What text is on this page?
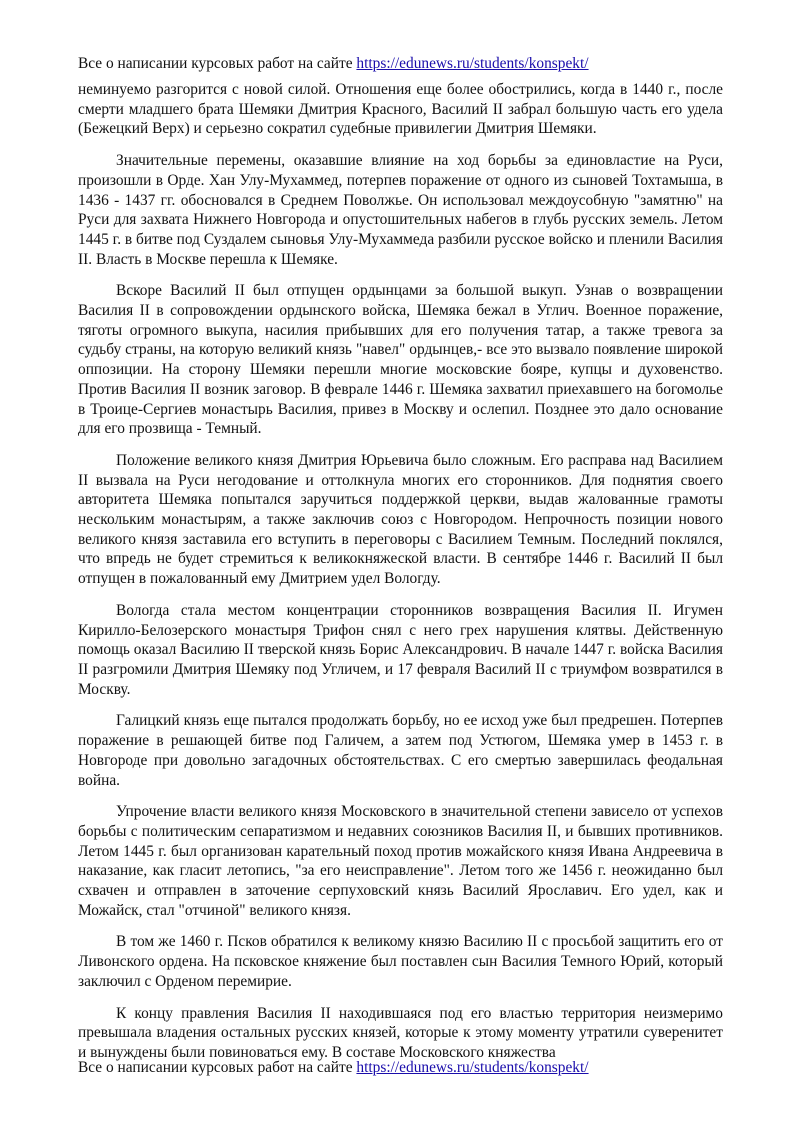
Все о написании курсовых работ на сайте https://edunews.ru/students/konspekt/

неминуемо разгорится с новой силой. Отношения еще более обострились, когда в 1440 г., после смерти младшего брата Шемяки Дмитрия Красного, Василий II забрал большую часть его удела (Бежецкий Верх) и серьезно сократил судебные привилегии Дмитрия Шемяки.

Значительные перемены, оказавшие влияние на ход борьбы за единовластие на Руси, произошли в Орде. Хан Улу-Мухаммед, потерпев поражение от одного из сыновей Тохтамыша, в 1436 - 1437 гг. обосновался в Среднем Поволжье. Он использовал междоусобную "замятню" на Руси для захвата Нижнего Новгорода и опустошительных набегов в глубь русских земель. Летом 1445 г. в битве под Суздалем сыновья Улу-Мухаммеда разбили русское войско и пленили Василия II. Власть в Москве перешла к Шемяке.

Вскоре Василий II был отпущен ордынцами за большой выкуп. Узнав о возвращении Василия II в сопровождении ордынского войска, Шемяка бежал в Углич. Военное поражение, тяготы огромного выкупа, насилия прибывших для его получения татар, а также тревога за судьбу страны, на которую великий князь "навел" ордынцев,- все это вызвало появление широкой оппозиции. На сторону Шемяки перешли многие московские бояре, купцы и духовенство. Против Василия II возник заговор. В феврале 1446 г. Шемяка захватил приехавшего на богомолье в Троице-Сергиев монастырь Василия, привез в Москву и ослепил. Позднее это дало основание для его прозвища - Темный.

Положение великого князя Дмитрия Юрьевича было сложным. Его расправа над Василием II вызвала на Руси негодование и оттолкнула многих его сторонников. Для поднятия своего авторитета Шемяка попытался заручиться поддержкой церкви, выдав жалованные грамоты нескольким монастырям, а также заключив союз с Новгородом. Непрочность позиции нового великого князя заставила его вступить в переговоры с Василием Темным. Последний поклялся, что впредь не будет стремиться к великокняжеской власти. В сентябре 1446 г. Василий II был отпущен в пожалованный ему Дмитрием удел Вологду.

Вологда стала местом концентрации сторонников возвращения Василия II. Игумен Кирилло-Белозерского монастыря Трифон снял с него грех нарушения клятвы. Действенную помощь оказал Василию II тверской князь Борис Александрович. В начале 1447 г. войска Василия II разгромили Дмитрия Шемяку под Угличем, и 17 февраля Василий II с триумфом возвратился в Москву.

Галицкий князь еще пытался продолжать борьбу, но ее исход уже был предрешен. Потерпев поражение в решающей битве под Галичем, а затем под Устюгом, Шемяка умер в 1453 г. в Новгороде при довольно загадочных обстоятельствах. С его смертью завершилась феодальная война.

Упрочение власти великого князя Московского в значительной степени зависело от успехов борьбы с политическим сепаратизмом и недавних союзников Василия II, и бывших противников. Летом 1445 г. был организован карательный поход против можайского князя Ивана Андреевича в наказание, как гласит летопись, "за его неисправление". Летом того же 1456 г. неожиданно был схвачен и отправлен в заточение серпуховский князь Василий Ярославич. Его удел, как и Можайск, стал "отчиной" великого князя.

В том же 1460 г. Псков обратился к великому князю Василию II с просьбой защитить его от Ливонского ордена. На псковское княжение был поставлен сын Василия Темного Юрий, который заключил с Орденом перемирие.

К концу правления Василия II находившаяся под его властью территория неизмеримо превышала владения остальных русских князей, которые к этому моменту утратили суверенитет и вынуждены были повиноваться ему. В составе Московского княжества

Все о написании курсовых работ на сайте https://edunews.ru/students/konspekt/
